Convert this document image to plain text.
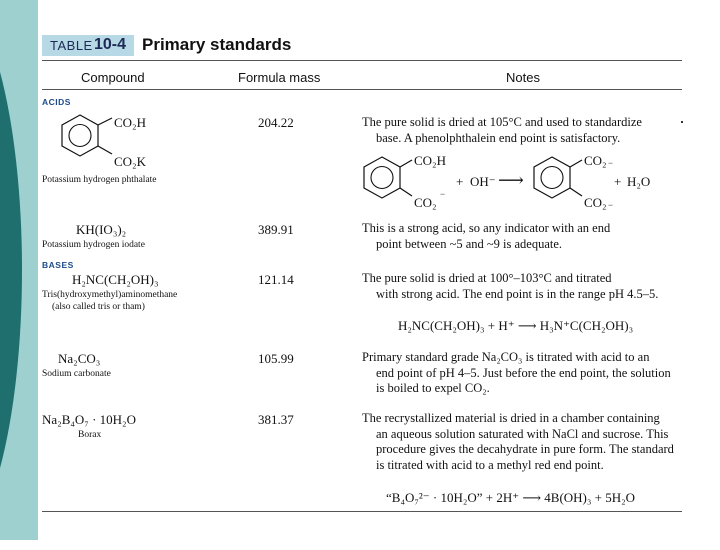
TABLE 10-4 Primary standards
Compound	Formula mass	Notes
ACIDS
CO₂H
CO₂K
Potassium hydrogen phthalate
204.22	The pure solid is dried at 105°C and used to standardize
base. A phenolphthalein end point is satisfactory.
CO₂H
CO₂
−
+ OH⁻ ⟶
CO₂ −
CO₂ −
+ H₂O
KH(IO₃)₂
Potassium hydrogen iodate
389.91	This is a strong acid, so any indicator with an end
point between ~5 and ~9 is adequate.
BASES
H₂NC(CH₂OH)₃
Tris(hydroxymethyl)aminomethane
(also called tris or tham)
121.14	The pure solid is dried at 100°–103°C and titrated
with strong acid. The end point is in the range pH 4.5–5.
H₂NC(CH₂OH)₃ + H⁺ ⟶ H₃N⁺C(CH₂OH)₃
Na₂CO₃
Sodium carbonate
105.99	Primary standard grade Na₂CO₃ is titrated with acid to an
end point of pH 4–5. Just before the end point, the solution
is boiled to expel CO₂.
Na₂B₄O₇ · 10H₂O
Borax
381.37	The recrystallized material is dried in a chamber containing
an aqueous solution saturated with NaCl and sucrose. This
procedure gives the decahydrate in pure form. The standard
is titrated with acid to a methyl red end point.
“B₄O₇²⁻ · 10H₂O” + 2H⁺ ⟶ 4B(OH)₃ + 5H₂O
